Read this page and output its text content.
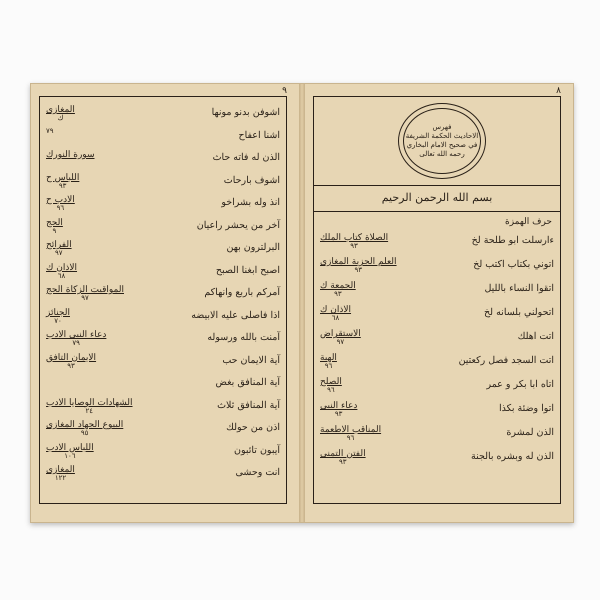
٩
اشوفن بدنو مونها
المغازى
ك
اشنا اعفاح
٧٩
الذن له فاته حاث
سورة النورك
اشوف بارحات
اللباس ح
٩٣
انذ وله بشراخو
الادب ح
٩٦
آخر من يحشر راعيان
الحج
٩
البرلترون بهن
الفرائح
٩٧
اصبح ابغنا الصبح
الاذان ك
٦٨
آمركم باربع وانهاكم
المواقيت الزكاة الحج
٩٧
اذا فاصلى عليه الابيضه
الجنائز
٧٠
آمنت بالله ورسوله
دعاء النبي الادب
٧٩
آية الايمان حب
الايمان التافق
٩٣
آية المنافق بغض
آية المنافق ثلاث
الشهادات الوصايا الادب
٢٤
اذن من حولك
البيوع الجهاد المغازى
٩٥
آيبون تائبون
اللباس الادب
١٠٦
انت وحشى
المغازى
١٢٢
٨
فهرس
الاحاديث الحكمة الشريفة
في صحيح الامام البخاري
رحمه الله تعالى
بسم الله الرحمن الرحيم
حرف الهمزة
ءارسلت ابو طلحة لخ
الصلاة كتاب الملك
٩٣
اتوني بكتاب اكتب لخ
العلم الجزية المغازى
٩٣
اتقوا النساء بالليل
الجمعة ك
٩٣
اتحولني بلسانه لخ
الاذان ك
٦٨
اتت اهلك
الاستقراض
٩٧
اتت السجد فصل ركعتين
الهبة
٩٦
اتاه ابا بكر و عمر
الصلح
٩٦
اتوا وضئة بكذا
دعاء النبي
٩٣
الذن لمشرة
المناقب الاطعمة
٩٦
الذن له وبشره بالجنة
الفتن التمنى
٩٣
